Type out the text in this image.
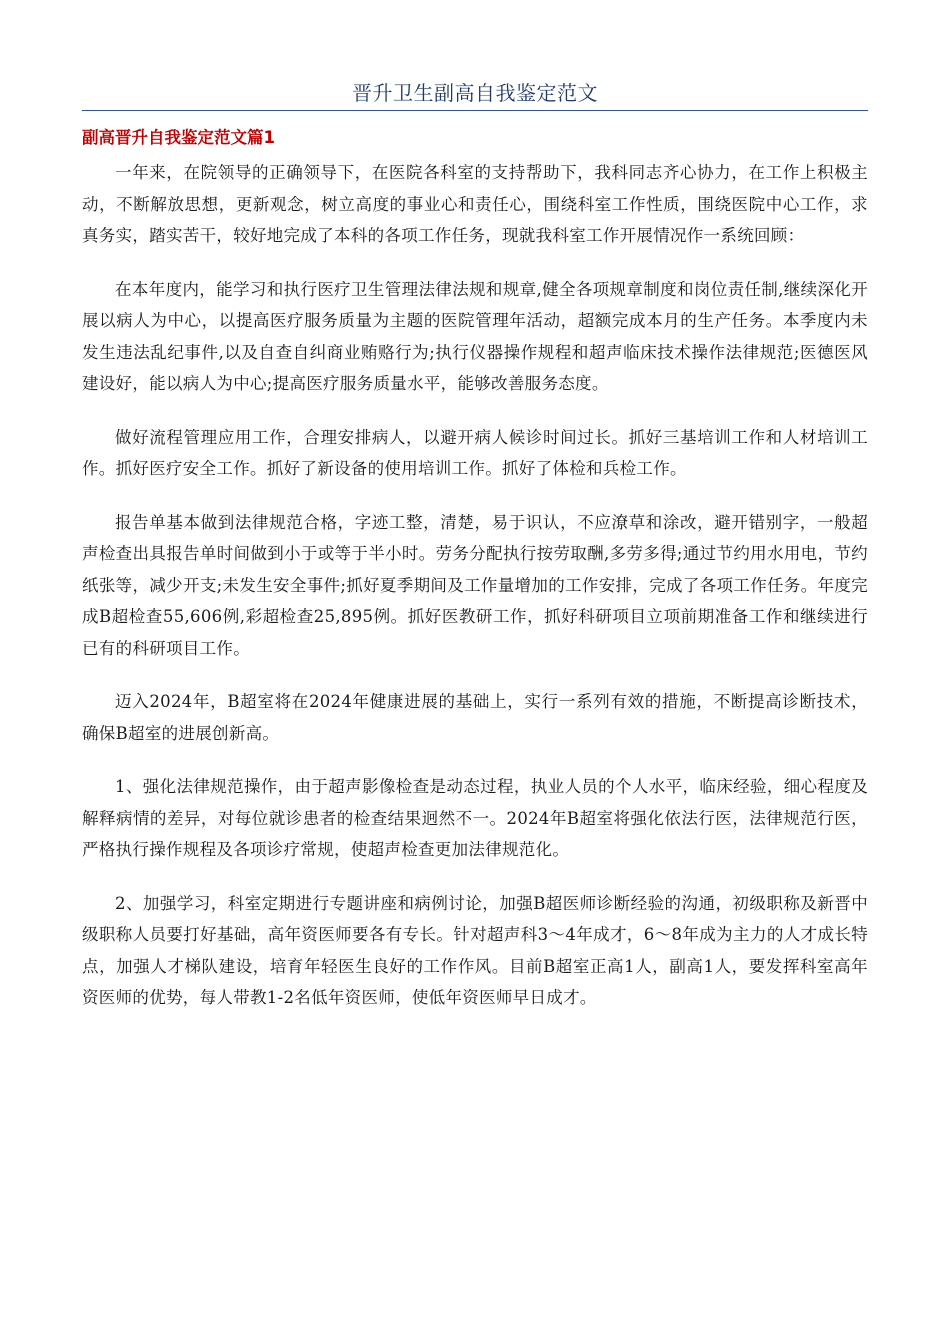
晋升卫生副高自我鉴定范文
副高晋升自我鉴定范文篇1

一年来，在院领导的正确领导下，在医院各科室的支持帮助下，我科同志齐心协力，在工作上积极主动，不断解放思想，更新观念，树立高度的事业心和责任心，围绕科室工作性质，围绕医院中心工作，求真务实，踏实苦干，较好地完成了本科的各项工作任务，现就我科室工作开展情况作一系统回顾：

在本年度内，能学习和执行医疗卫生管理法律法规和规章,健全各项规章制度和岗位责任制,继续深化开展以病人为中心，以提高医疗服务质量为主题的医院管理年活动，超额完成本月的生产任务。本季度内未发生违法乱纪事件,以及自查自纠商业贿赂行为;执行仪器操作规程和超声临床技术操作法律规范;医德医风建设好，能以病人为中心;提高医疗服务质量水平，能够改善服务态度。

做好流程管理应用工作，合理安排病人，以避开病人候诊时间过长。抓好三基培训工作和人材培训工作。抓好医疗安全工作。抓好了新设备的使用培训工作。抓好了体检和兵检工作。

报告单基本做到法律规范合格，字迹工整，清楚，易于识认，不应潦草和涂改，避开错别字，一般超声检查出具报告单时间做到小于或等于半小时。劳务分配执行按劳取酬,多劳多得;通过节约用水用电，节约纸张等，减少开支;未发生安全事件;抓好夏季期间及工作量增加的工作安排，完成了各项工作任务。年度完成B超检查55,606例,彩超检查25,895例。抓好医教研工作，抓好科研项目立项前期准备工作和继续进行已有的科研项目工作。

迈入2024年，B超室将在2024年健康进展的基础上，实行一系列有效的措施，不断提高诊断技术，确保B超室的进展创新高。

1、强化法律规范操作，由于超声影像检查是动态过程，执业人员的个人水平，临床经验，细心程度及解释病情的差异，对每位就诊患者的检查结果迥然不一。2024年B超室将强化依法行医，法律规范行医，严格执行操作规程及各项诊疗常规，使超声检查更加法律规范化。

2、加强学习，科室定期进行专题讲座和病例讨论，加强B超医师诊断经验的沟通，初级职称及新晋中级职称人员要打好基础，高年资医师要各有专长。针对超声科3～4年成才，6～8年成为主力的人才成长特点，加强人才梯队建设，培育年轻医生良好的工作作风。目前B超室正高1人，副高1人，要发挥科室高年资医师的优势，每人带教1-2名低年资医师，使低年资医师早日成才。
